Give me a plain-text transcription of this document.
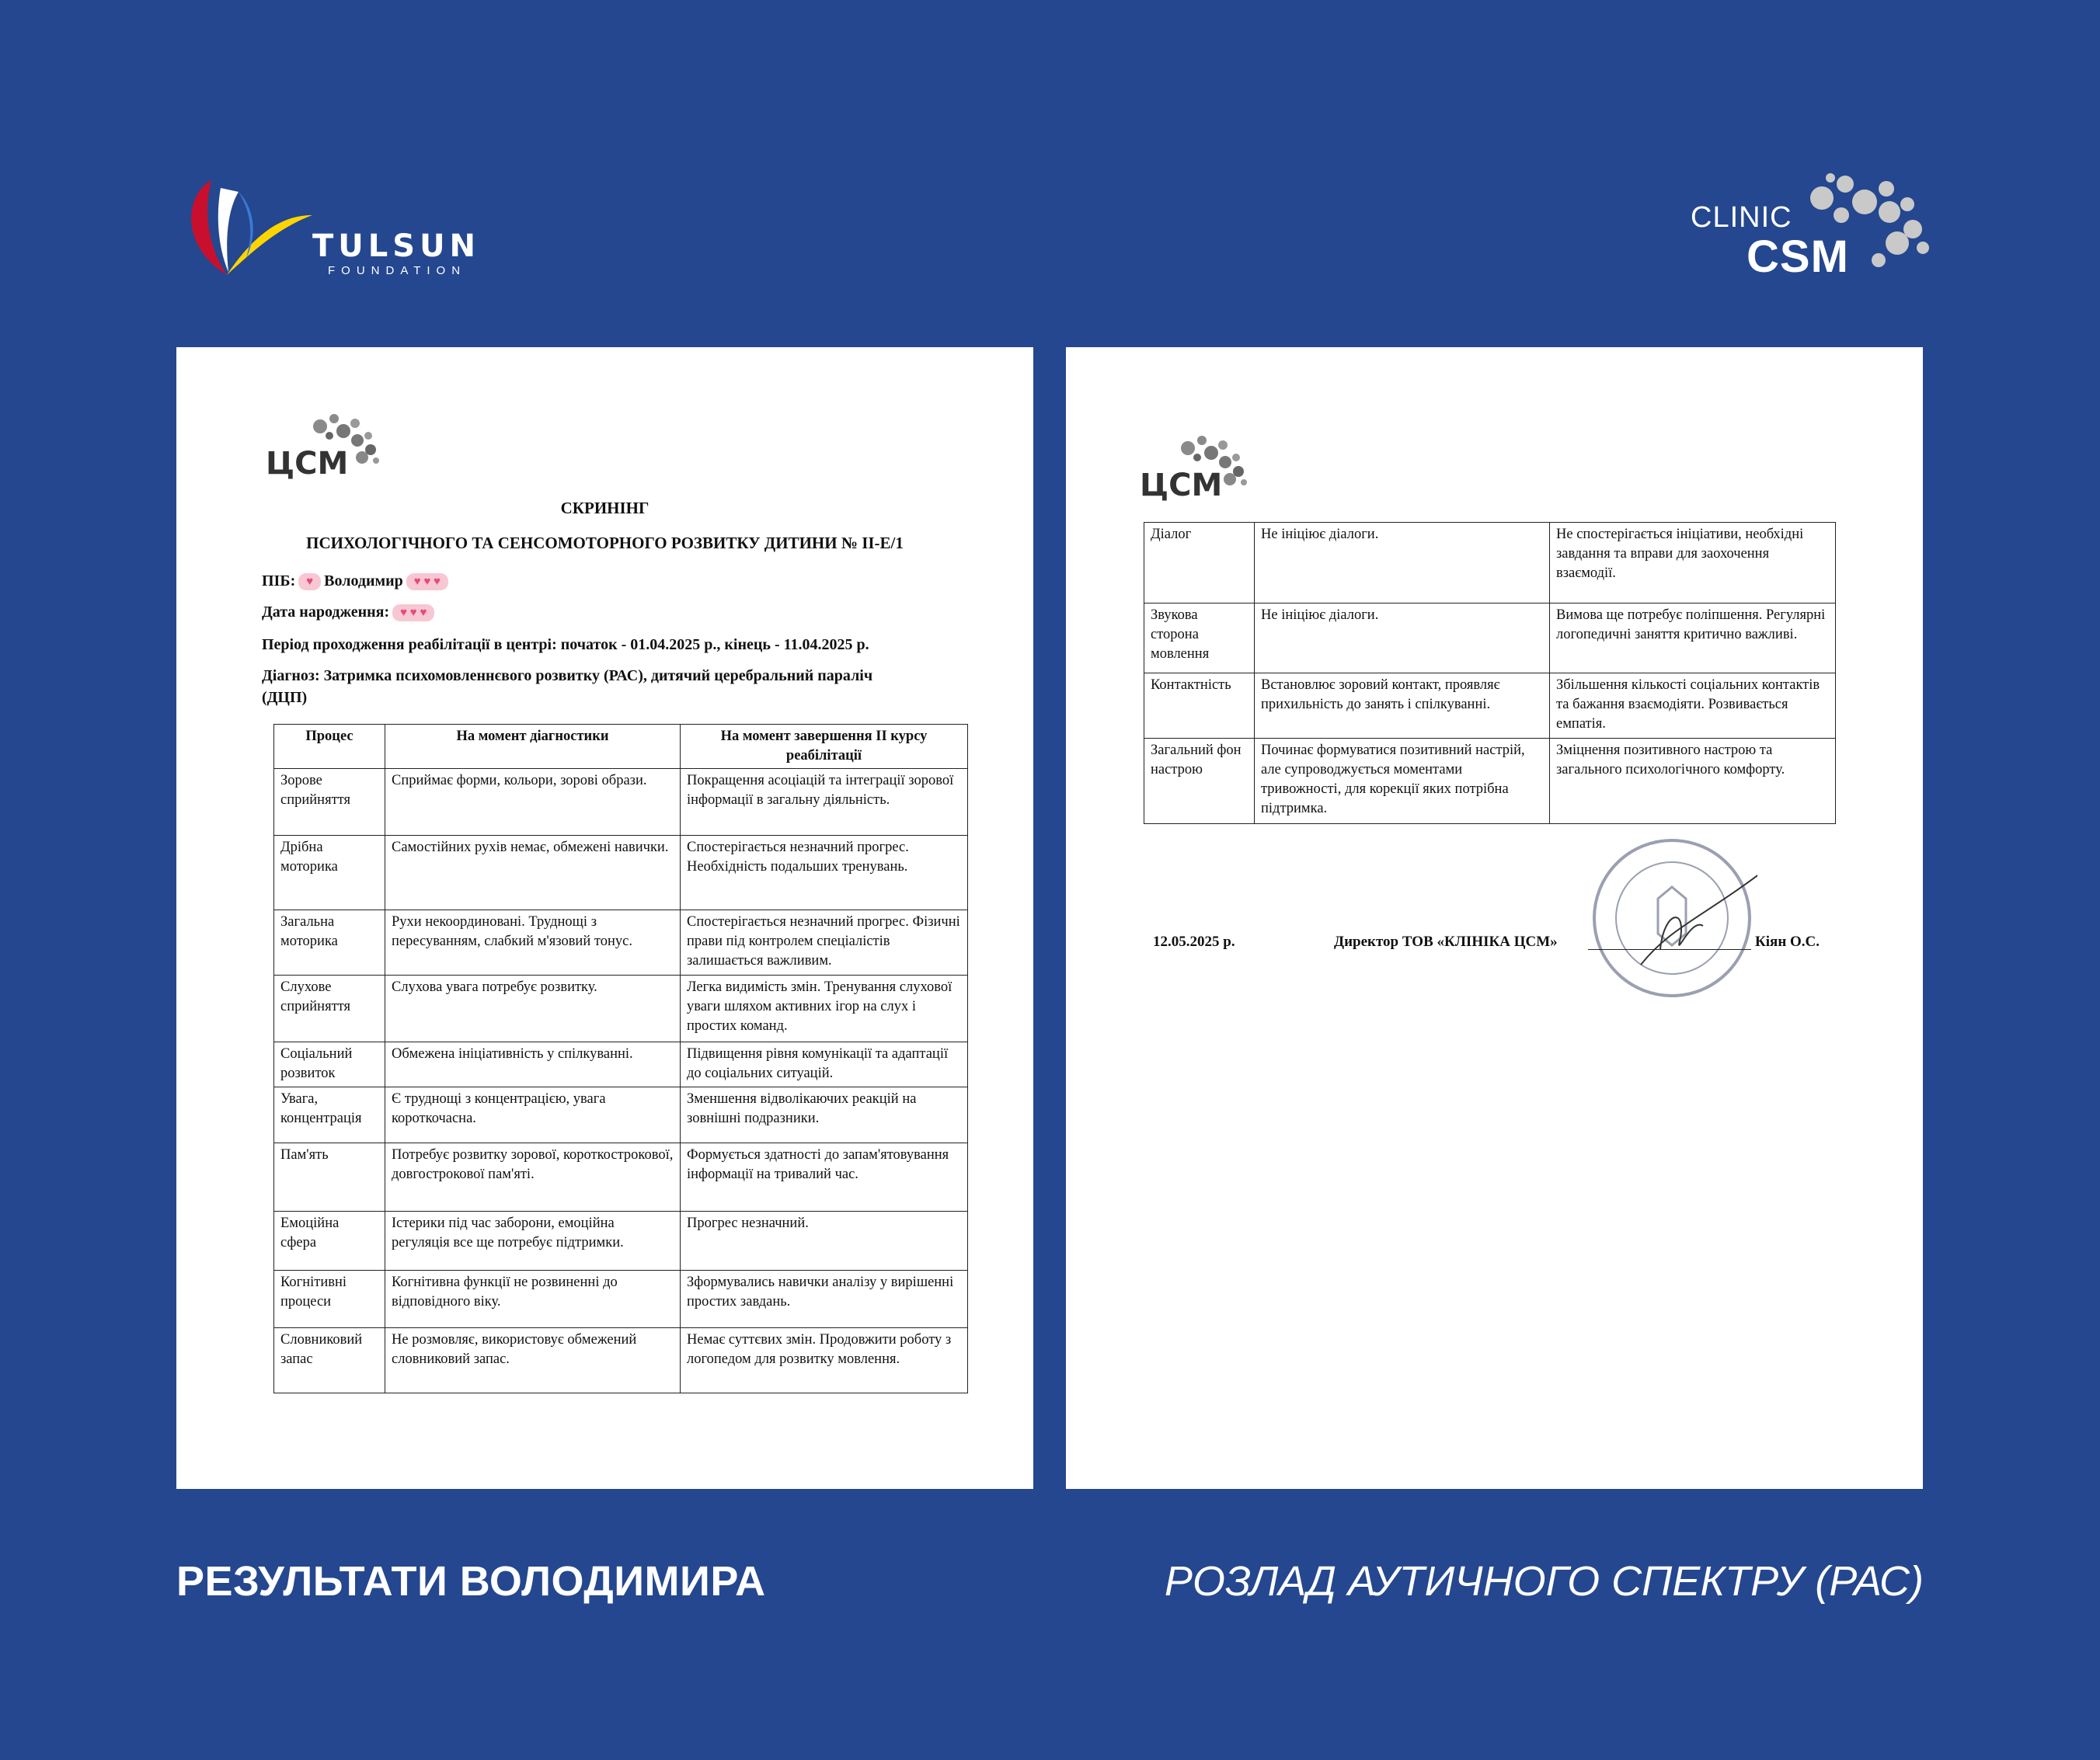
TULSUN
FOUNDATION
CLINIC
CSM
ЦСМ
СКРИНІНГ
ПСИХОЛОГІЧНОГО ТА СЕНСОМОТОРНОГО РОЗВИТКУ ДИТИНИ № ІІ-Е/1
ПІБ: ♥ Володимир ♥ ♥ ♥
Дата народження: ♥ ♥ ♥
Період проходження реабілітації в центрі: початок - 01.04.2025 р., кінець - 11.04.2025 р.
Діагноз: Затримка психомовленнєвого розвитку (РАС), дитячий церебральний параліч
(ДЦП)
Процес	На момент діагностики	На момент завершення ІІ курсу реабілітації
Зорове сприйняття	Сприймає форми, кольори, зорові образи.	Покращення асоціацій та інтеграції зорової інформації в загальну діяльність.
Дрібна моторика	Самостійних рухів немає, обмежені навички.	Спостерігається незначний прогрес. Необхідність подальших тренувань.
Загальна моторика	Рухи некоординовані. Труднощі з пересуванням, слабкий м'язовий тонус.	Спостерігається незначний прогрес. Фізичні прави під контролем спеціалістів залишається важливим.
Слухове сприйняття	Слухова увага потребує розвитку.	Легка видимість змін. Тренування слухової уваги шляхом активних ігор на слух і простих команд.
Соціальний розвиток	Обмежена ініціативність у спілкуванні.	Підвищення рівня комунікації та адаптації до соціальних ситуацій.
Увага, концентрація	Є труднощі з концентрацією, увага короткочасна.	Зменшення відволікаючих реакцій на зовнішні подразники.
Пам'ять	Потребує розвитку зорової, короткострокової, довгострокової пам'яті.	Формується здатності до запам'ятовування інформації на тривалий час.
Емоційна сфера	Істерики під час заборони, емоційна регуляція все ще потребує підтримки.	Прогрес незначний.
Когнітивні процеси	Когнітивна функції не розвиненні до відповідного віку.	Зформувались навички аналізу у вирішенні простих завдань.
Словниковий запас	Не розмовляє, використовує обмежений словниковий запас.	Немає суттєвих змін. Продовжити роботу з логопедом для розвитку мовлення.
ЦСМ
Діалог	Не ініціює діалоги.	Не спостерігається ініціативи, необхідні завдання та вправи для заохочення взаємодії.
Звукова сторона мовлення	Не ініціює діалоги.	Вимова ще потребує поліпшення. Регулярні логопедичні заняття критично важливі.
Контактність	Встановлює зоровий контакт, проявляє прихильність до занять і спілкуванні.	Збільшення кількості соціальних контактів та бажання взаємодіяти. Розвивається емпатія.
Загальний фон настрою	Починає формуватися позитивний настрій, але супроводжується моментами тривожності, для корекції яких потрібна підтримка.	Зміцнення позитивного настрою та загального психологічного комфорту.
12.05.2025 р.	Директор ТОВ «КЛІНІКА ЦСМ»	Кіян О.С.
РЕЗУЛЬТАТИ ВОЛОДИМИРА	РОЗЛАД АУТИЧНОГО СПЕКТРУ (РАС)
